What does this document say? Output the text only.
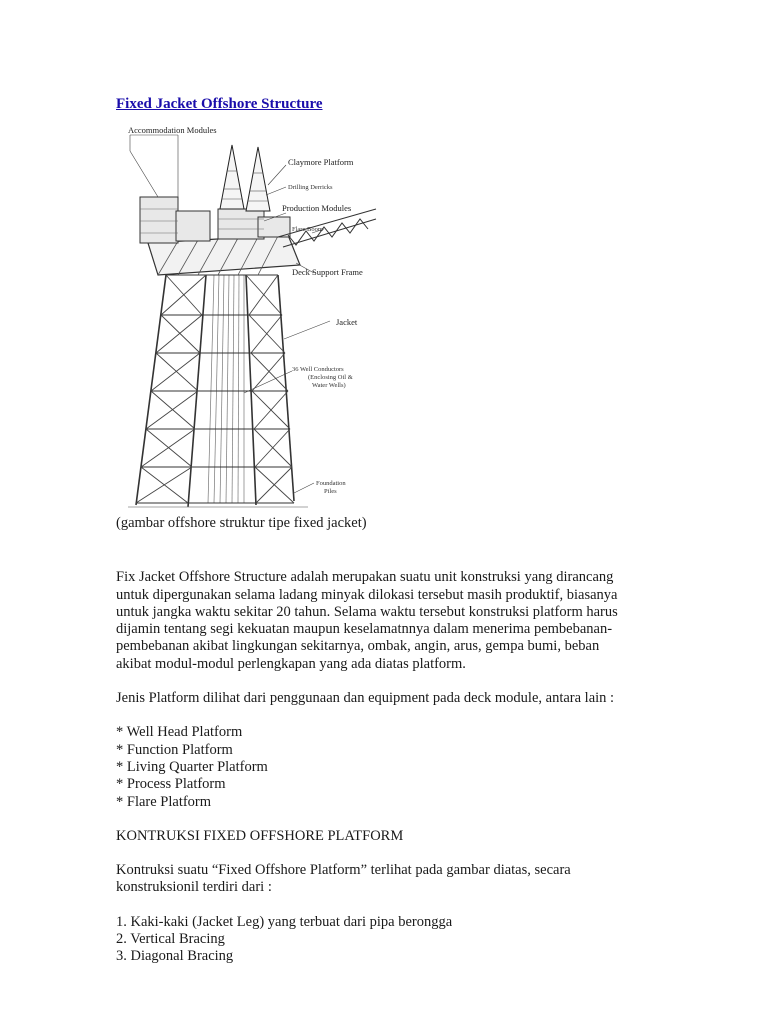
Fixed Jacket Offshore Structure
Accommodation Modules
Claymore Platform
Drilling Derricks
Production Modules
Flare Boom
Deck Support Frame
Jacket
36 Well Conductors
(Enclosing Oil &
Water Wells)
Foundation
Piles

(gambar offshore struktur tipe fixed jacket)

Fix Jacket Offshore Structure adalah merupakan suatu unit konstruksi yang dirancang
untuk dipergunakan selama ladang minyak dilokasi tersebut masih produktif, biasanya
untuk jangka waktu sekitar 20 tahun. Selama waktu tersebut konstruksi platform harus
dijamin tentang segi kekuatan maupun keselamatnnya dalam menerima pembebanan-
pembebanan akibat lingkungan sekitarnya, ombak, angin, arus, gempa bumi, beban
akibat modul-modul perlengkapan yang ada diatas platform.

Jenis Platform dilihat dari penggunaan dan equipment pada deck module, antara lain :

* Well Head Platform
* Function Platform
* Living Quarter Platform
* Process Platform
* Flare Platform

KONTRUKSI FIXED OFFSHORE PLATFORM

Kontruksi suatu “Fixed Offshore Platform” terlihat pada gambar diatas, secara
konstruksionil terdiri dari :
1. Kaki-kaki (Jacket Leg) yang terbuat dari pipa berongga
2. Vertical Bracing
3. Diagonal Bracing
